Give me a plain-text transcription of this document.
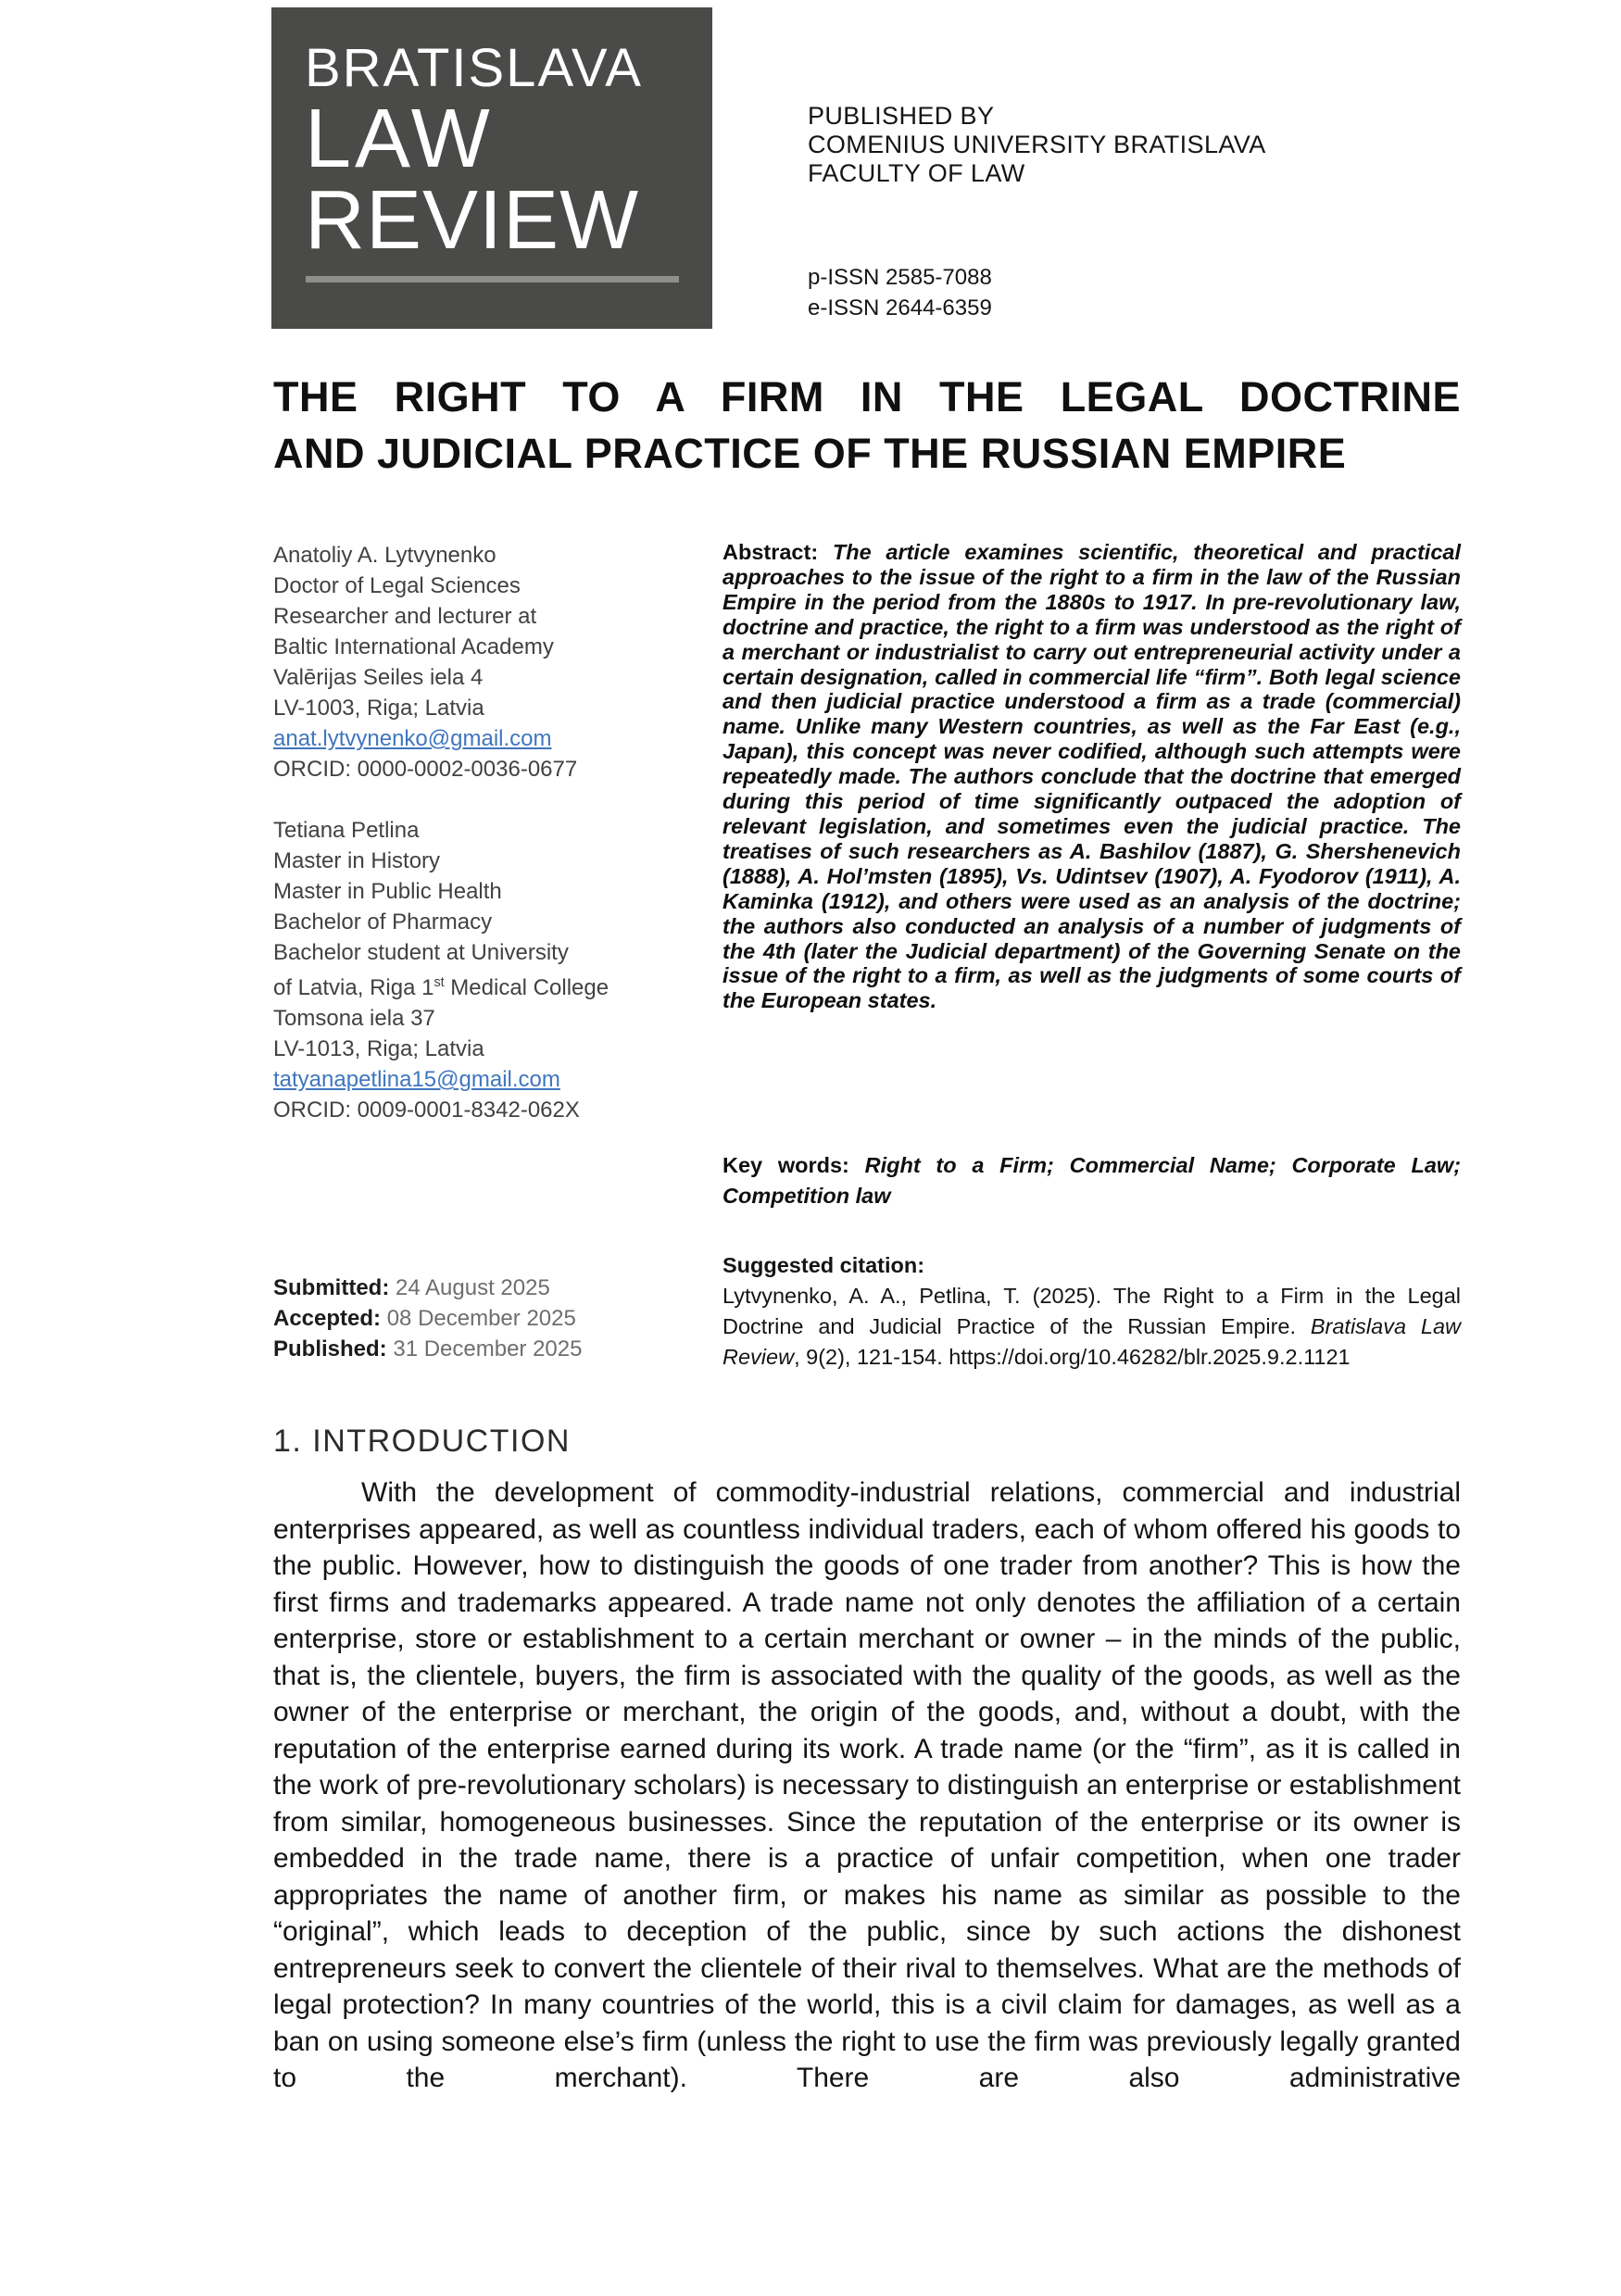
BRATISLAVA
LAW
REVIEW
PUBLISHED BY
COMENIUS UNIVERSITY BRATISLAVA
FACULTY OF LAW
p-ISSN 2585-7088
e-ISSN 2644-6359
THE RIGHT TO A FIRM IN THE LEGAL DOCTRINE
AND JUDICIAL PRACTICE OF THE RUSSIAN EMPIRE
Anatoliy A. Lytvynenko
Doctor of Legal Sciences
Researcher and lecturer at
Baltic International Academy
Valērijas Seiles iela 4
LV-1003, Riga; Latvia
anat.lytvynenko@gmail.com
ORCID: 0000-0002-0036-0677
Tetiana Petlina
Master in History
Master in Public Health
Bachelor of Pharmacy
Bachelor student at University
of Latvia, Riga 1st Medical College
Tomsona iela 37
LV-1013, Riga; Latvia
tatyanapetlina15@gmail.com
ORCID: 0009-0001-8342-062X
Submitted: 24 August 2025
Accepted: 08 December 2025
Published: 31 December 2025
Abstract: The article examines scientific, theoretical and practical approaches to the issue of the right to a firm in the law of the Russian Empire in the period from the 1880s to 1917. In pre-revolutionary law, doctrine and practice, the right to a firm was understood as the right of a merchant or industrialist to carry out entrepreneurial activity under a certain designation, called in commercial life “firm”. Both legal science and then judicial practice understood a firm as a trade (commercial) name. Unlike many Western countries, as well as the Far East (e.g., Japan), this concept was never codified, although such attempts were repeatedly made. The authors conclude that the doctrine that emerged during this period of time significantly outpaced the adoption of relevant legislation, and sometimes even the judicial practice. The treatises of such researchers as A. Bashilov (1887), G. Shershenevich (1888), A. Hol’msten (1895), Vs. Udintsev (1907), A. Fyodorov (1911), A. Kaminka (1912), and others were used as an analysis of the doctrine; the authors also conducted an analysis of a number of judgments of the 4th (later the Judicial department) of the Governing Senate on the issue of the right to a firm, as well as the judgments of some courts of the European states.
Key words: Right to a Firm; Commercial Name; Corporate Law; Competition law
Suggested citation:
Lytvynenko, A. A., Petlina, T. (2025). The Right to a Firm in the Legal Doctrine and Judicial Practice of the Russian Empire. Bratislava Law Review, 9(2), 121-154. https://doi.org/10.46282/blr.2025.9.2.1121
1. INTRODUCTION
With the development of commodity-industrial relations, commercial and industrial enterprises appeared, as well as countless individual traders, each of whom offered his goods to the public. However, how to distinguish the goods of one trader from another? This is how the first firms and trademarks appeared. A trade name not only denotes the affiliation of a certain enterprise, store or establishment to a certain merchant or owner – in the minds of the public, that is, the clientele, buyers, the firm is associated with the quality of the goods, as well as the owner of the enterprise or merchant, the origin of the goods, and, without a doubt, with the reputation of the enterprise earned during its work. A trade name (or the “firm”, as it is called in the work of pre-revolutionary scholars) is necessary to distinguish an enterprise or establishment from similar, homogeneous businesses. Since the reputation of the enterprise or its owner is embedded in the trade name, there is a practice of unfair competition, when one trader appropriates the name of another firm, or makes his name as similar as possible to the “original”, which leads to deception of the public, since by such actions the dishonest entrepreneurs seek to convert the clientele of their rival to themselves. What are the methods of legal protection? In many countries of the world, this is a civil claim for damages, as well as a ban on using someone else’s firm (unless the right to use the firm was previously legally granted to the merchant). There are also administrative
